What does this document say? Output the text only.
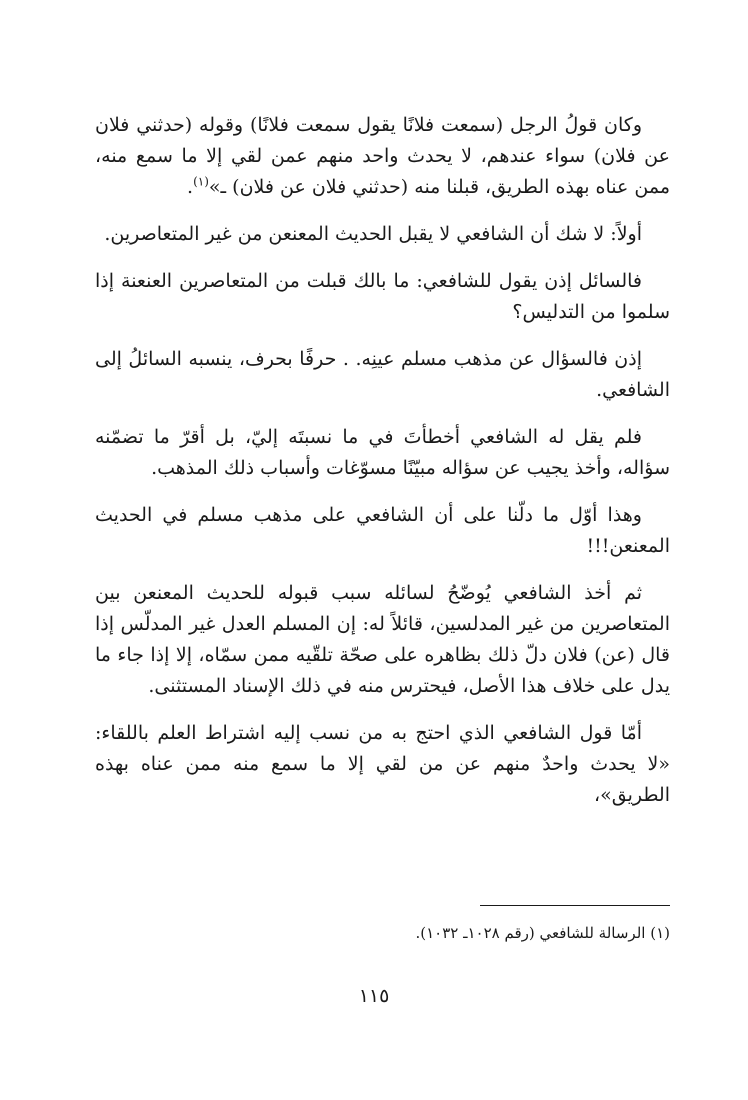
وكان قولُ الرجل (سمعت فلانًا يقول سمعت فلانًا) وقوله (حدثني فلان عن فلان) سواء عندهم، لا يحدث واحد منهم عمن لقي إلا ما سمع منه، ممن عناه بهذه الطريق، قبلنا منه (حدثني فلان عن فلان) ـ»$^{(١)}$.

أولاً: لا شك أن الشافعي لا يقبل الحديث المعنعن من غير المتعاصرين.

فالسائل إذن يقول للشافعي: ما بالك قبلت من المتعاصرين العنعنة إذا سلموا من التدليس؟

إذن فالسؤال عن مذهب مسلم عينِه. . حرفًا بحرف، ينسبه السائلُ إلى الشافعي.

فلم يقل له الشافعي أخطأتَ في ما نسبتَه إليّ، بل أقرّ ما تضمّنه سؤاله، وأخذ يجيب عن سؤاله مبيّنًا مسوّغات وأسباب ذلك المذهب.

وهذا أوّل ما دلّنا على أن الشافعي على مذهب مسلم في الحديث المعنعن!!!

ثم أخذ الشافعي يُوضّحُ لسائله سبب قبوله للحديث المعنعن بين المتعاصرين من غير المدلسين، قائلاً له: إن المسلم العدل غير المدلّس إذا قال (عن) فلان دلّ ذلك بظاهره على صحّة تلقّيه ممن سمّاه، إلا إذا جاء ما يدل على خلاف هذا الأصل، فيحترس منه في ذلك الإسناد المستثنى.

أمّا قول الشافعي الذي احتج به من نسب إليه اشتراط العلم باللقاء: «لا يحدث واحدٌ منهم عن من لقي إلا ما سمع منه ممن عناه بهذه الطريق»،

(١) الرسالة للشافعي (رقم ١٠٢٨ـ ١٠٣٢).
١١٥
